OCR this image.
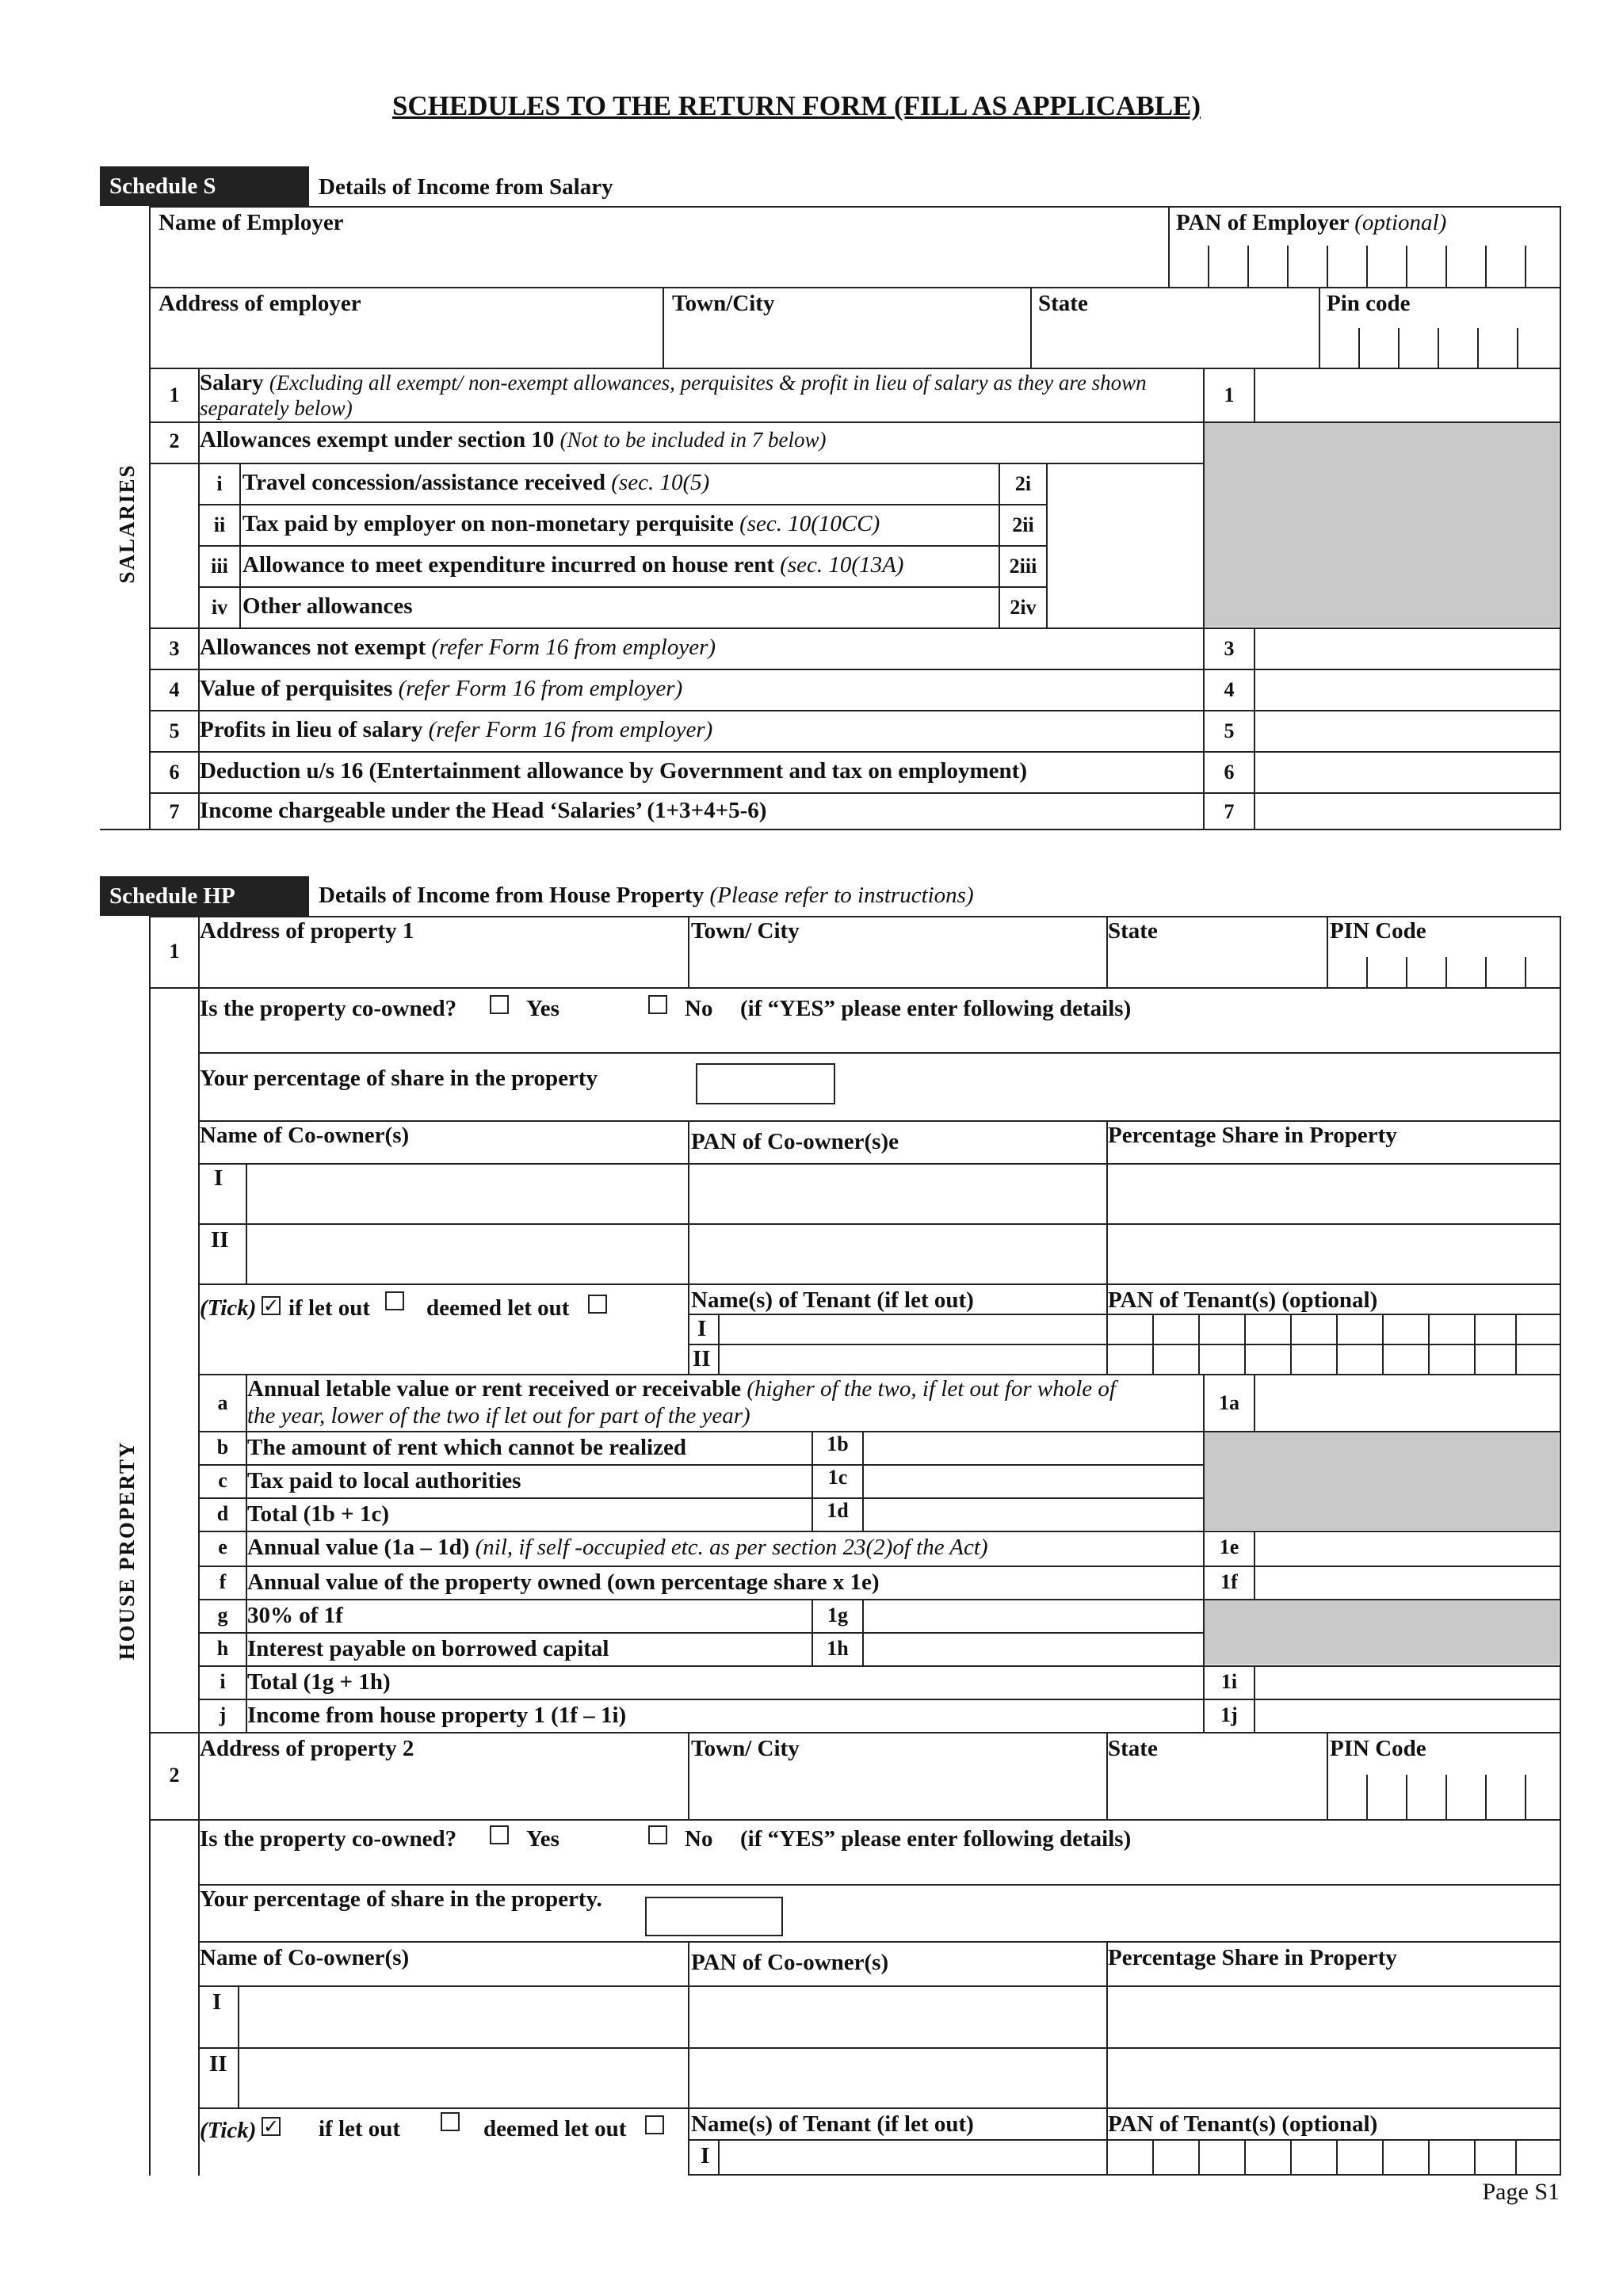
SCHEDULES TO THE RETURN FORM (FILL AS APPLICABLE)
Schedule S	Details of Income from Salary
SALARIES
Name of Employer	PAN of Employer (optional)
Address of employer	Town/City	State	Pin code
1 Salary (Excluding all exempt/ non-exempt allowances, perquisites & profit in lieu of salary as they are shown
separately below)
1
2 Allowances exempt under section 10 (Not to be included in 7 below)
i Travel concession/assistance received (sec. 10(5)	2i
ii Tax paid by employer on non-monetary perquisite (sec. 10(10CC)	2ii
iii Allowance to meet expenditure incurred on house rent (sec. 10(13A)	2iii
iv Other allowances	2iv
3 Allowances not exempt (refer Form 16 from employer)	3
4 Value of perquisites (refer Form 16 from employer)	4
5 Profits in lieu of salary (refer Form 16 from employer)	5
6 Deduction u/s 16 (Entertainment allowance by Government and tax on employment)	6
7 Income chargeable under the Head ‘Salaries’ (1+3+4+5-6)	7
Schedule HP	Details of Income from House Property (Please refer to instructions)
HOUSE PROPERTY
1
Address of property 1	Town/ City	State	PIN Code
Is the property co-owned?	Yes	No (if “YES” please enter following details)
Your percentage of share in the property
Name of Co-owner(s)	PAN of Co-owner(s)e	Percentage Share in Property
I
II
(Tick) ✓ if let out deemed let out	Name(s) of Tenant (if let out)	PAN of Tenant(s) (optional)
I
II
a
Annual letable value or rent received or receivable (higher of the two, if let out for whole of
the year, lower of the two if let out for part of the year)
1a
b The amount of rent which cannot be realized	1b
c Tax paid to local authorities	1c
d Total (1b + 1c)	1d
e Annual value (1a – 1d) (nil, if self -occupied etc. as per section 23(2)of the Act)	1e
f Annual value of the property owned (own percentage share x 1e)	1f
g 30% of 1f	1g
h Interest payable on borrowed capital	1h
i Total (1g + 1h)	1i
j Income from house property 1 (1f – 1i)	1j
2
Address of property 2	Town/ City	State	PIN Code
Is the property co-owned?	Yes	No (if “YES” please enter following details)
Your percentage of share in the property.
Name of Co-owner(s)	PAN of Co-owner(s)	Percentage Share in Property
I
II
(Tick) ✓ if let out	deemed let out	Name(s) of Tenant (if let out)	PAN of Tenant(s) (optional)
I
Page S1
